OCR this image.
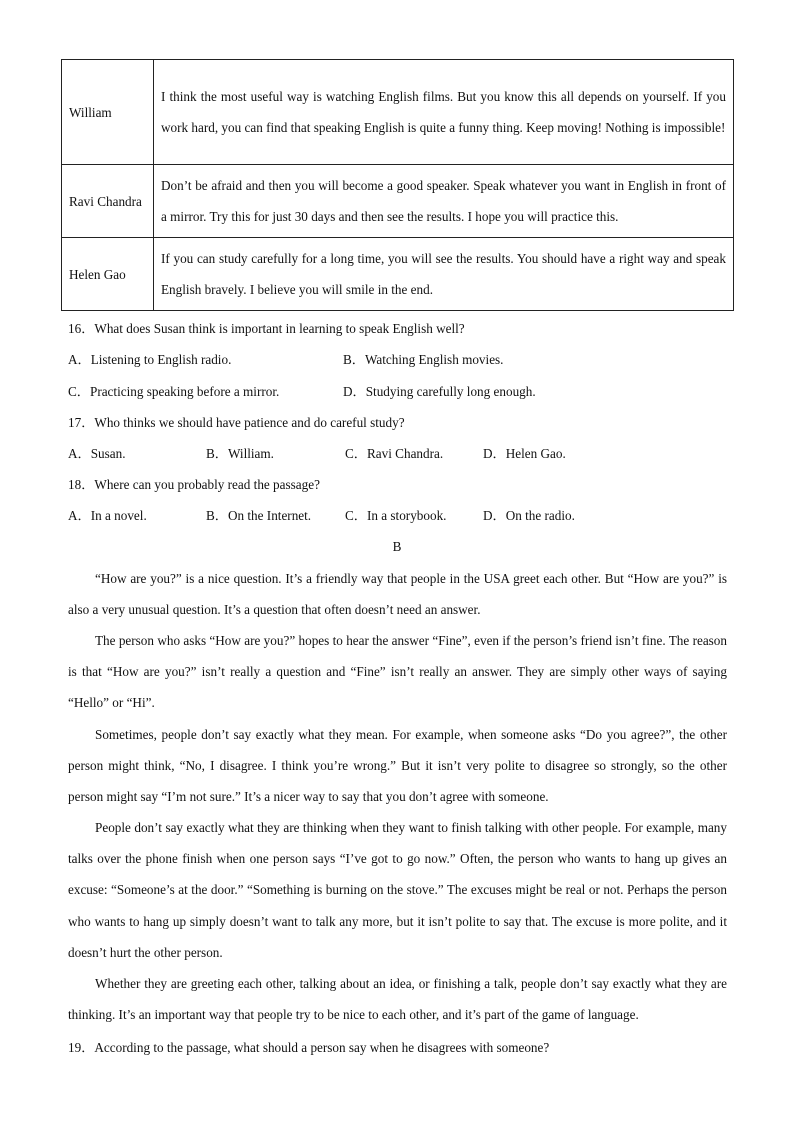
William	I think the most useful way is watching English films. But you know this all depends on yourself. If you work hard, you can find that speaking English is quite a funny thing. Keep moving! Nothing is impossible!
Ravi Chandra	Don’t be afraid and then you will become a good speaker. Speak whatever you want in English in front of a mirror. Try this for just 30 days and then see the results. I hope you will practice this.
Helen Gao	If you can study carefully for a long time, you will see the results. You should have a right way and speak English bravely. I believe you will smile in the end.
16．What does Susan think is important in learning to speak English well?
A．Listening to English radio.	B．Watching English movies.
C．Practicing speaking before a mirror.	D．Studying carefully long enough.
17．Who thinks we should have patience and do careful study?
A．Susan.	B．William.	C．Ravi Chandra.	D．Helen Gao.
18．Where can you probably read the passage?
A．In a novel.	B．On the Internet.	C．In a storybook.	D．On the radio.
B

“How are you?” is a nice question. It’s a friendly way that people in the USA greet each other. But “How are you?” is also a very unusual question. It’s a question that often doesn’t need an answer.

The person who asks “How are you?” hopes to hear the answer “Fine”, even if the person’s friend isn’t fine. The reason is that “How are you?” isn’t really a question and “Fine” isn’t really an answer. They are simply other ways of saying “Hello” or “Hi”.

Sometimes, people don’t say exactly what they mean. For example, when someone asks “Do you agree?”, the other person might think, “No, I disagree. I think you’re wrong.” But it isn’t very polite to disagree so strongly, so the other person might say “I’m not sure.” It’s a nicer way to say that you don’t agree with someone.

People don’t say exactly what they are thinking when they want to finish talking with other people. For example, many talks over the phone finish when one person says “I’ve got to go now.” Often, the person who wants to hang up gives an excuse: “Someone’s at the door.” “Something is burning on the stove.” The excuses might be real or not. Perhaps the person who wants to hang up simply doesn’t want to talk any more, but it isn’t polite to say that. The excuse is more polite, and it doesn’t hurt the other person.

Whether they are greeting each other, talking about an idea, or finishing a talk, people don’t say exactly what they are thinking. It’s an important way that people try to be nice to each other, and it’s part of the game of language.

19．According to the passage, what should a person say when he disagrees with someone?
